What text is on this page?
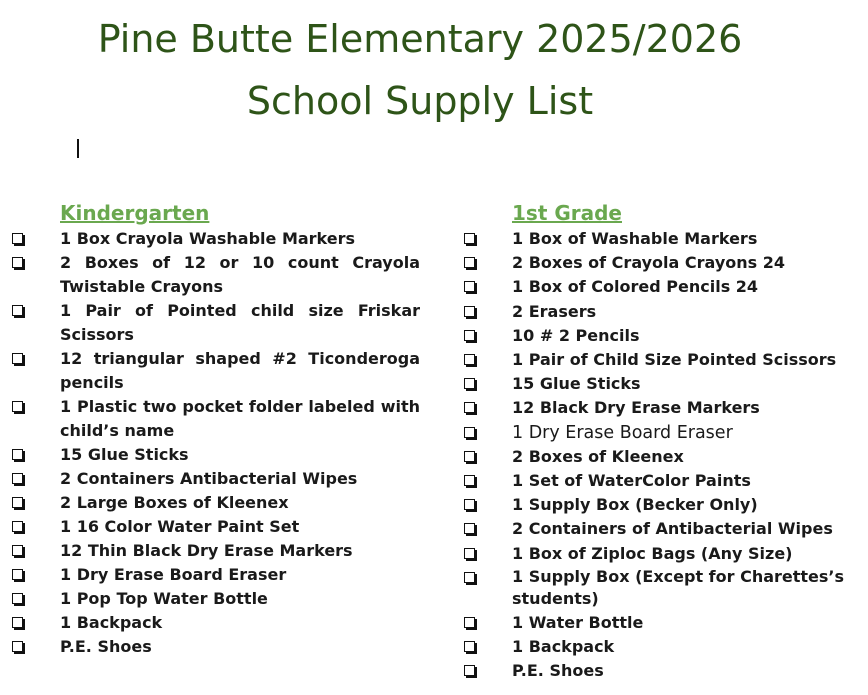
Pine Butte Elementary 2025/2026
School Supply List
Kindergarten
1 Box Crayola Washable Markers
2 Boxes of 12 or 10 count Crayola Twistable Crayons
1 Pair of Pointed child size Friskar Scissors
12 triangular shaped #2 Ticonderoga pencils
1 Plastic two pocket folder labeled with child’s name
15 Glue Sticks
2 Containers Antibacterial Wipes
2 Large Boxes of Kleenex
1 16 Color Water Paint Set
12 Thin Black Dry Erase Markers
1 Dry Erase Board Eraser
1 Pop Top Water Bottle
1 Backpack
P.E. Shoes
1st Grade
1 Box of Washable Markers
2 Boxes of Crayola Crayons 24
1 Box of Colored Pencils 24
2 Erasers
10 # 2 Pencils
1 Pair of Child Size Pointed Scissors
15 Glue Sticks
12 Black Dry Erase Markers
1 Dry Erase Board Eraser
2 Boxes of Kleenex
1 Set of WaterColor Paints
1 Supply Box (Becker Only)
2 Containers of Antibacterial Wipes
1 Box of Ziploc Bags (Any Size)
1 Supply Box (Except for Charettes’s students)
1 Water Bottle
1 Backpack
P.E. Shoes
